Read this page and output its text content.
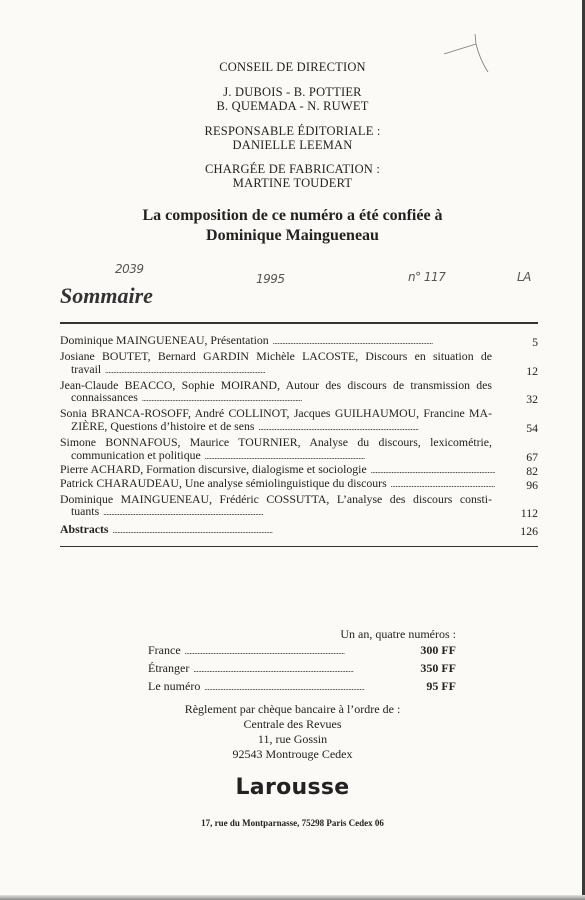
CONSEIL DE DIRECTION
J. DUBOIS - B. POTTIER
B. QUEMADA - N. RUWET
RESPONSABLE ÉDITORIALE :
DANIELLE LEEMAN
CHARGÉE DE FABRICATION :
MARTINE TOUDERT
La composition de ce numéro a été confiée à
Dominique Maingueneau
2039
1995	n° 117	LA
Sommaire
Dominique MAINGUENEAU, Présentation . . .	5
Josiane BOUTET, Bernard GARDIN Michèle LACOSTE, Discours en situation de
travail . . .	12
Jean-Claude BEACCO, Sophie MOIRAND, Autour des discours de transmission des
connaissances . . .	32
Sonia BRANCA-ROSOFF, André COLLINOT, Jacques GUILHAUMOU, Francine MA-
ZIÈRE, Questions d’histoire et de sens . . .	54
Simone BONNAFOUS, Maurice TOURNIER, Analyse du discours, lexicométrie,
communication et politique . . .	67
Pierre ACHARD, Formation discursive, dialogisme et sociologie . . .	82
Patrick CHARAUDEAU, Une analyse sémiolinguistique du discours . . .	96
Dominique MAINGUENEAU, Frédéric COSSUTTA, L’analyse des discours consti-
tuants . . .	112
Abstracts . . .	126
Un an, quatre numéros :
France . . .	300 FF
Étranger . . .	350 FF
Le numéro . . .	95 FF
Règlement par chèque bancaire à l’ordre de :
Centrale des Revues
11, rue Gossin
92543 Montrouge Cedex
Larousse
17, rue du Montparnasse, 75298 Paris Cedex 06
